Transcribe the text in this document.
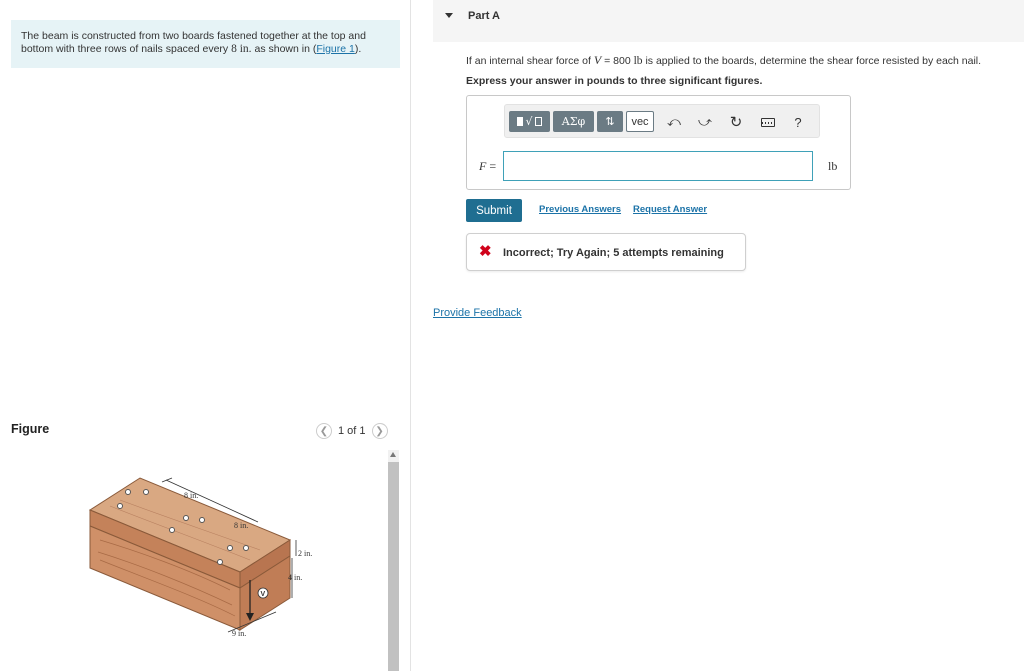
The beam is constructed from two boards fastened together at the top and bottom with three rows of nails spaced every 8 in. as shown in (Figure 1).
Figure	❮ 1 of 1 ❯
8 in.
8 in.
2 in.
4 in.
9 in.
V
Part A
If an internal shear force of V = 800 lb is applied to the boards, determine the shear force resisted by each nail.
Express your answer in pounds to three significant figures.
√	ΑΣφ	⇅	vec	⤺ ⤻ ↻	?
F =	lb
Submit	Previous Answers Request Answer
✖ Incorrect; Try Again; 5 attempts remaining
Provide Feedback
